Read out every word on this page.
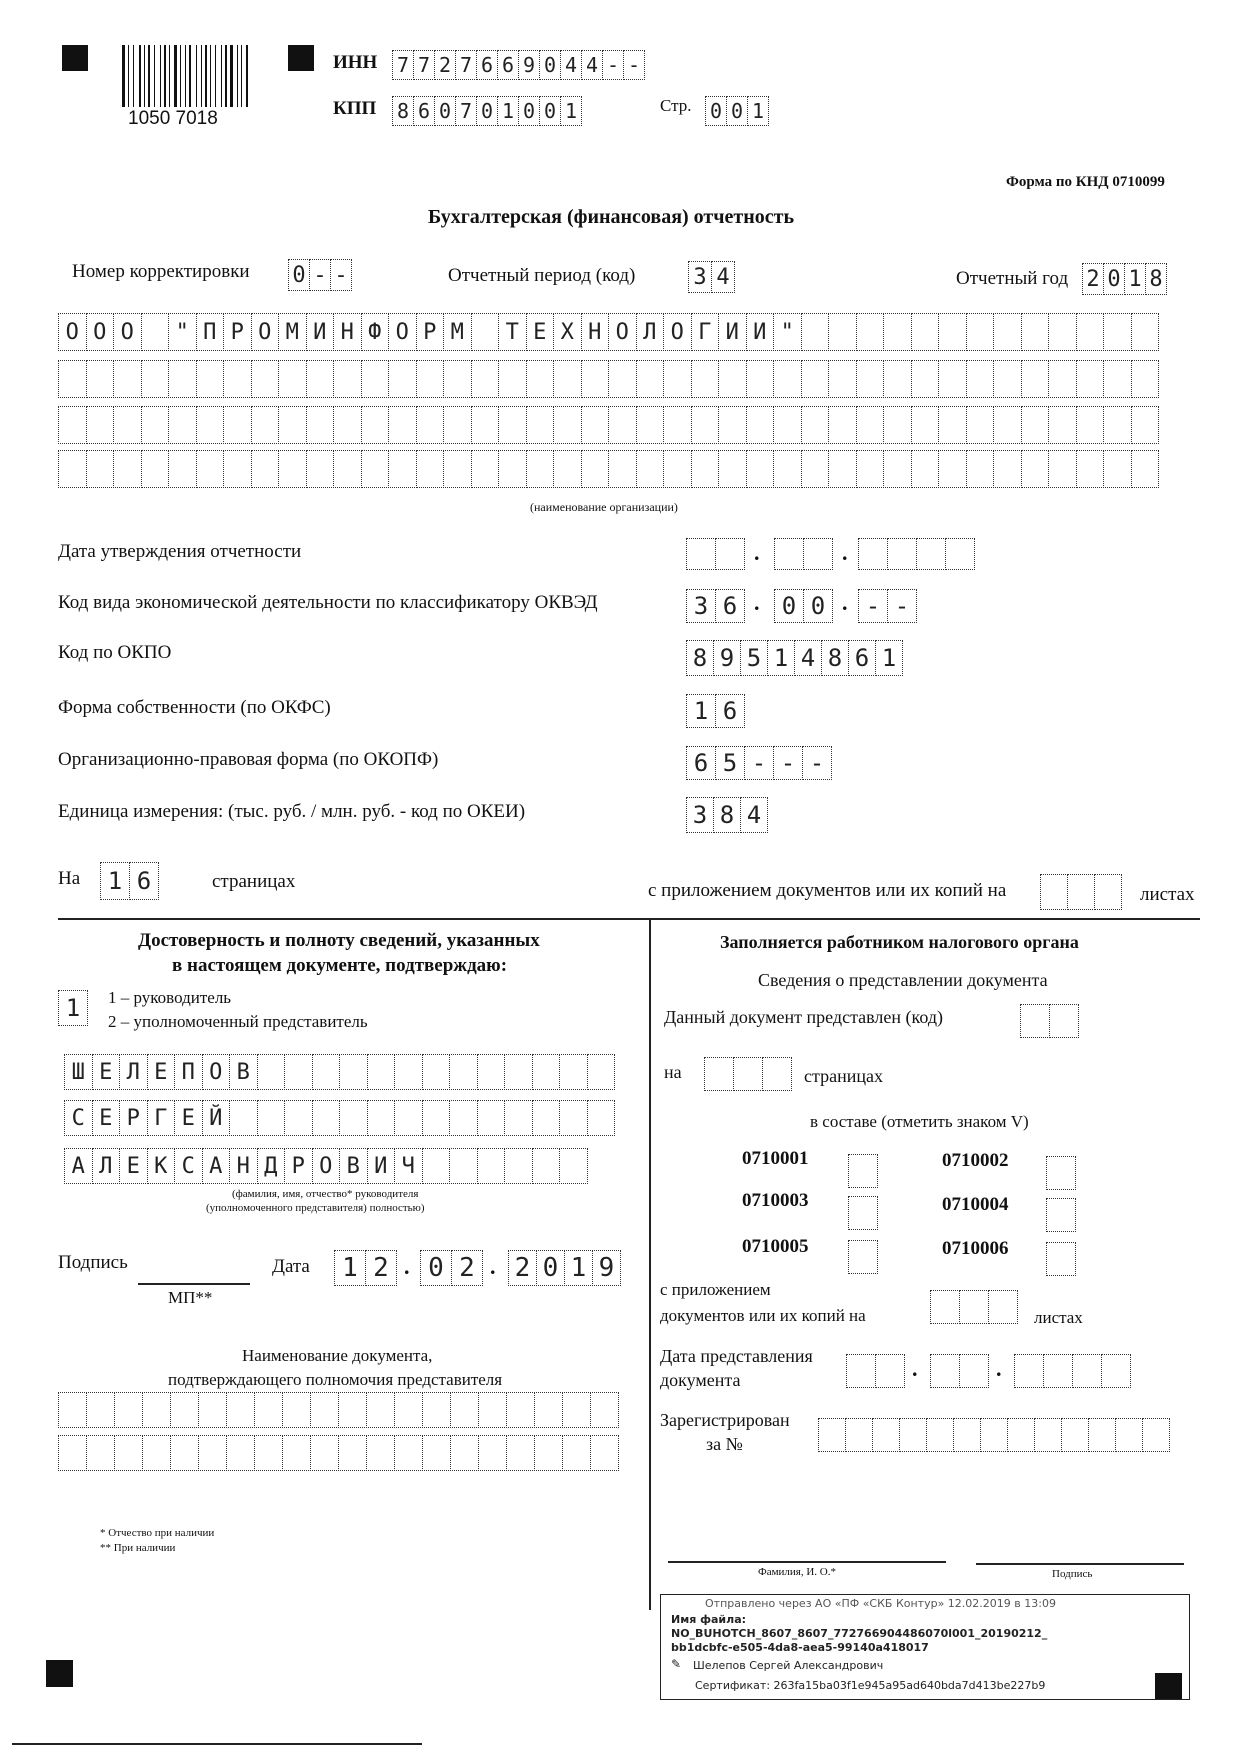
1050 7018
ИНН 7 7 2 7 6 6 9 0 4 4 - -
КПП 8 6 0 7 0 1 0 0 1	Стр. 0 0 1
Форма по КНД 0710099
Бухгалтерская (финансовая) отчетность
Номер корректировки 0 - -	Отчетный период (код)	3 4	Отчетный год 2 0 1 8
О О О	" П Р О М И Н Ф О Р М	Т Е Х Н О Л О Г И И "
(наименование организации)
Дата утверждения отчетности	.	.
Код вида экономической деятельности по классификатору ОКВЭД	3 6 . 0 0 . - -
Код по ОКПО	8 9 5 1 4 8 6 1
Форма собственности (по ОКФС)	1 6
Организационно-правовая форма (по ОКОПФ)	6 5 - - -
Единица измерения: (тыс. руб. / млн. руб. - код по ОКЕИ)	3 8 4
На	1 6	страницах	с приложением документов или их копий на	листах
Достоверность и полноту сведений, указанных
в настоящем документе, подтверждаю:
1	1 – руководитель
2 – уполномоченный представитель
Ш Е Л Е П О В
С Е Р Г Е Й
А Л Е К С А Н Д Р О В И Ч
(фамилия, имя, отчество* руководителя
(уполномоченного представителя) полностью)
Подпись
МП**
Дата	1 2 . 0 2 . 2 0 1 9
Наименование документа,
подтверждающего полномочия представителя
* Отчество при наличии
** При наличии
Заполняется работником налогового органа
Сведения о представлении документа
Данный документ представлен (код)
на	страницах
в составе (отметить знаком V)
0710001	0710002
0710003	0710004
0710005	0710006
с приложением
документов или их копий на	листах
Дата представления
документа	.	.
Зарегистрирован
за №
Фамилия, И. О.*	Подпись
Отправлено через АО «ПФ «СКБ Контур» 12.02.2019 в 13:09
Имя файла:
NO_BUHOTCH_8607_8607_772766904486070l001_20190212_
bb1dcbfc-e505-4da8-aea5-99140a418017
✎ Шелепов Сергей Александрович
Сертификат: 263fa15ba03f1e945a95ad640bda7d413be227b9
